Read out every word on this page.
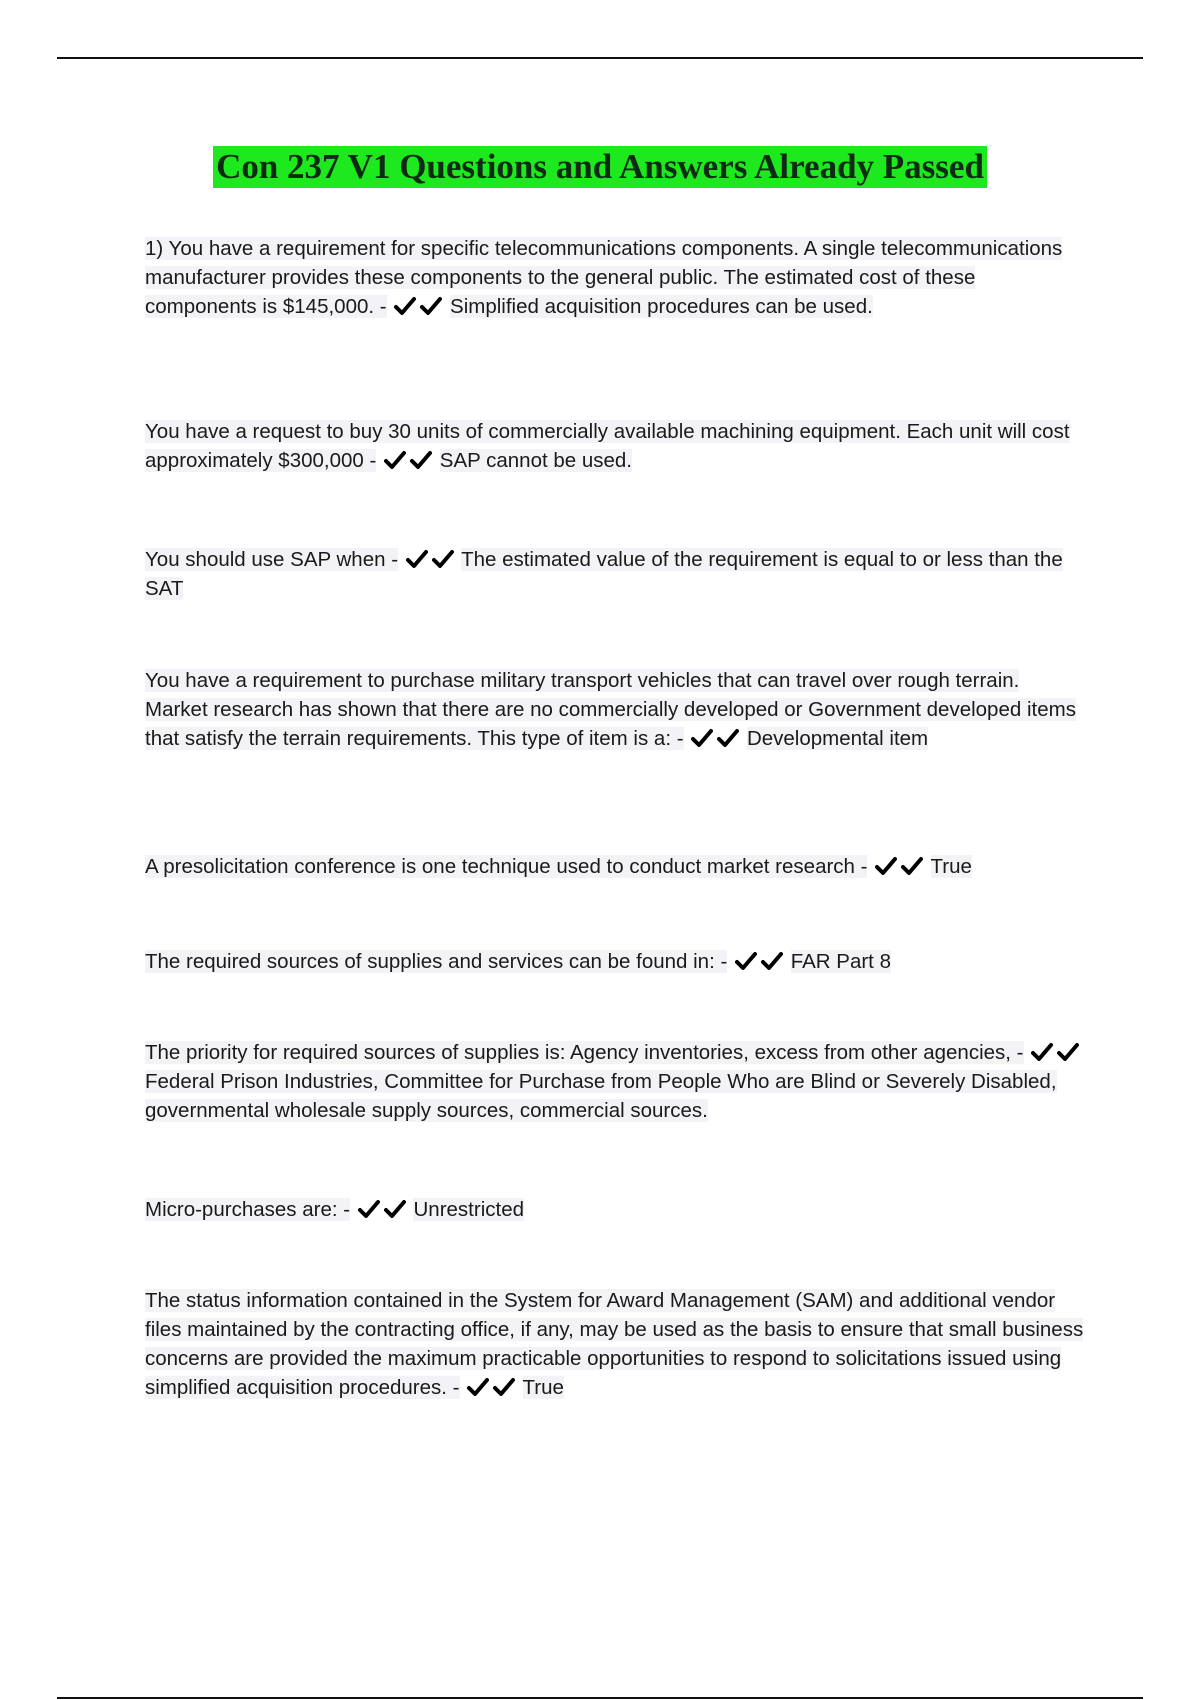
Con 237 V1 Questions and Answers Already Passed
1) You have a requirement for specific telecommunications components. A single telecommunications manufacturer provides these components to the general public. The estimated cost of these components is $145,000. -	Simplified acquisition procedures can be used.
You have a request to buy 30 units of commercially available machining equipment. Each unit will cost approximately $300,000 -	SAP cannot be used.
You should use SAP when -	The estimated value of the requirement is equal to or less than the SAT
You have a requirement to purchase military transport vehicles that can travel over rough terrain. Market research has shown that there are no commercially developed or Government developed items that satisfy the terrain requirements. This type of item is a: -	Developmental item
A presolicitation conference is one technique used to conduct market research -	True
The required sources of supplies and services can be found in: -	FAR Part 8
The priority for required sources of supplies is: Agency inventories, excess from other agencies, -
Federal Prison Industries, Committee for Purchase from People Who are Blind or Severely Disabled, governmental wholesale supply sources, commercial sources.
Micro-purchases are: -	Unrestricted
The status information contained in the System for Award Management (SAM) and additional vendor files maintained by the contracting office, if any, may be used as the basis to ensure that small business concerns are provided the maximum practicable opportunities to respond to solicitations issued using simplified acquisition procedures. -	True
